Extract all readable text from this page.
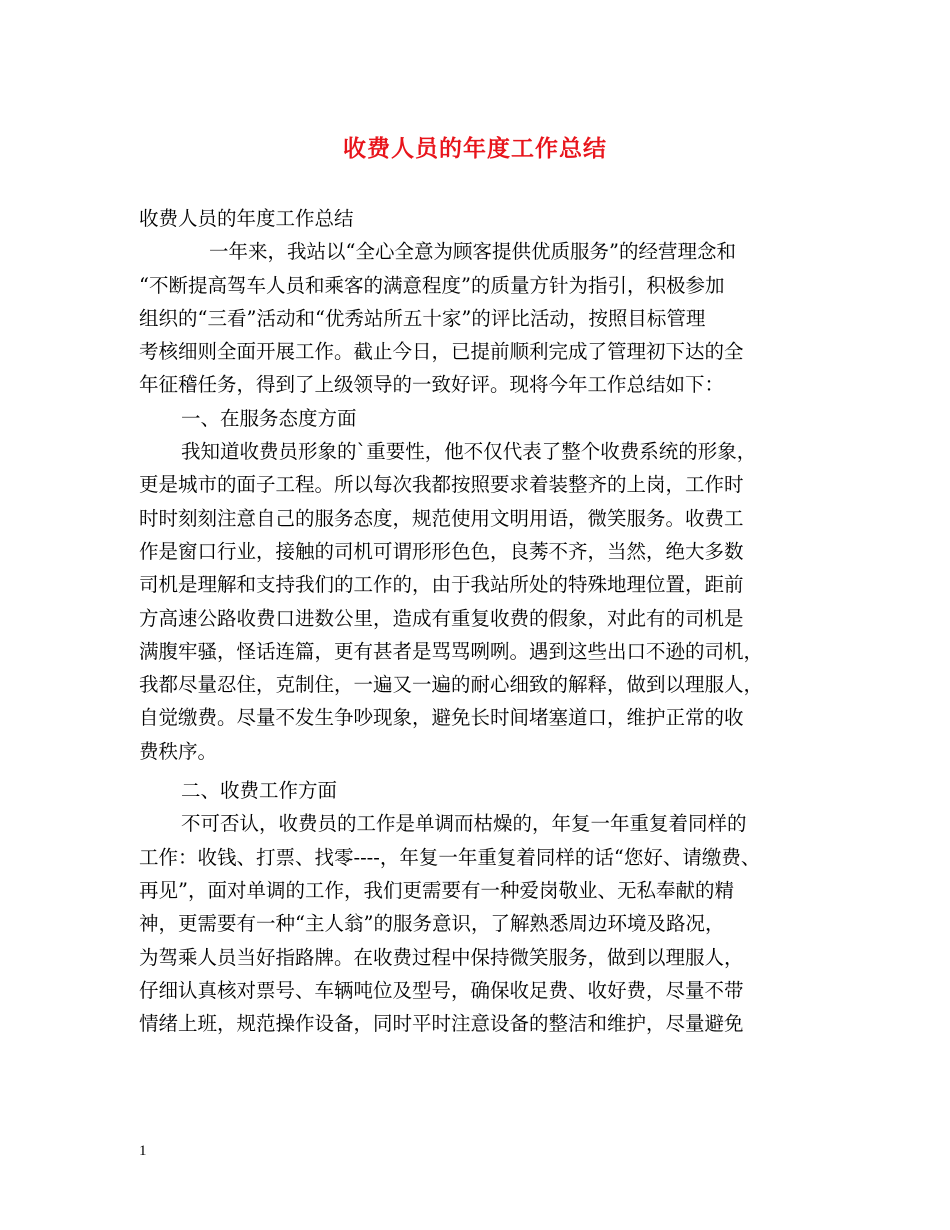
收费人员的年度工作总结

收费人员的年度工作总结

一年来，我站以“全心全意为顾客提供优质服务”的经营理念和

“不断提高驾车人员和乘客的满意程度”的质量方针为指引，积极参加

组织的“三看”活动和“优秀站所五十家”的评比活动，按照目标管理

考核细则全面开展工作。截止今日，已提前顺利完成了管理初下达的全

年征稽任务，得到了上级领导的一致好评。现将今年工作总结如下：

一、在服务态度方面

我知道收费员形象的`重要性，他不仅代表了整个收费系统的形象，

更是城市的面子工程。所以每次我都按照要求着装整齐的上岗，工作时

时时刻刻注意自己的服务态度，规范使用文明用语，微笑服务。收费工

作是窗口行业，接触的司机可谓形形色色，良莠不齐，当然，绝大多数

司机是理解和支持我们的工作的，由于我站所处的特殊地理位置，距前

方高速公路收费口进数公里，造成有重复收费的假象，对此有的司机是

满腹牢骚，怪话连篇，更有甚者是骂骂咧咧。遇到这些出口不逊的司机，

我都尽量忍住，克制住，一遍又一遍的耐心细致的解释，做到以理服人，

自觉缴费。尽量不发生争吵现象，避免长时间堵塞道口，维护正常的收

费秩序。

二、收费工作方面

不可否认，收费员的工作是单调而枯燥的，年复一年重复着同样的

工作：收钱、打票、找零----，年复一年重复着同样的话“您好、请缴费、

再见”，面对单调的工作，我们更需要有一种爱岗敬业、无私奉献的精

神，更需要有一种“主人翁”的服务意识，了解熟悉周边环境及路况，

为驾乘人员当好指路牌。在收费过程中保持微笑服务，做到以理服人，

仔细认真核对票号、车辆吨位及型号，确保收足费、收好费，尽量不带

情绪上班，规范操作设备，同时平时注意设备的整洁和维护，尽量避免

1
